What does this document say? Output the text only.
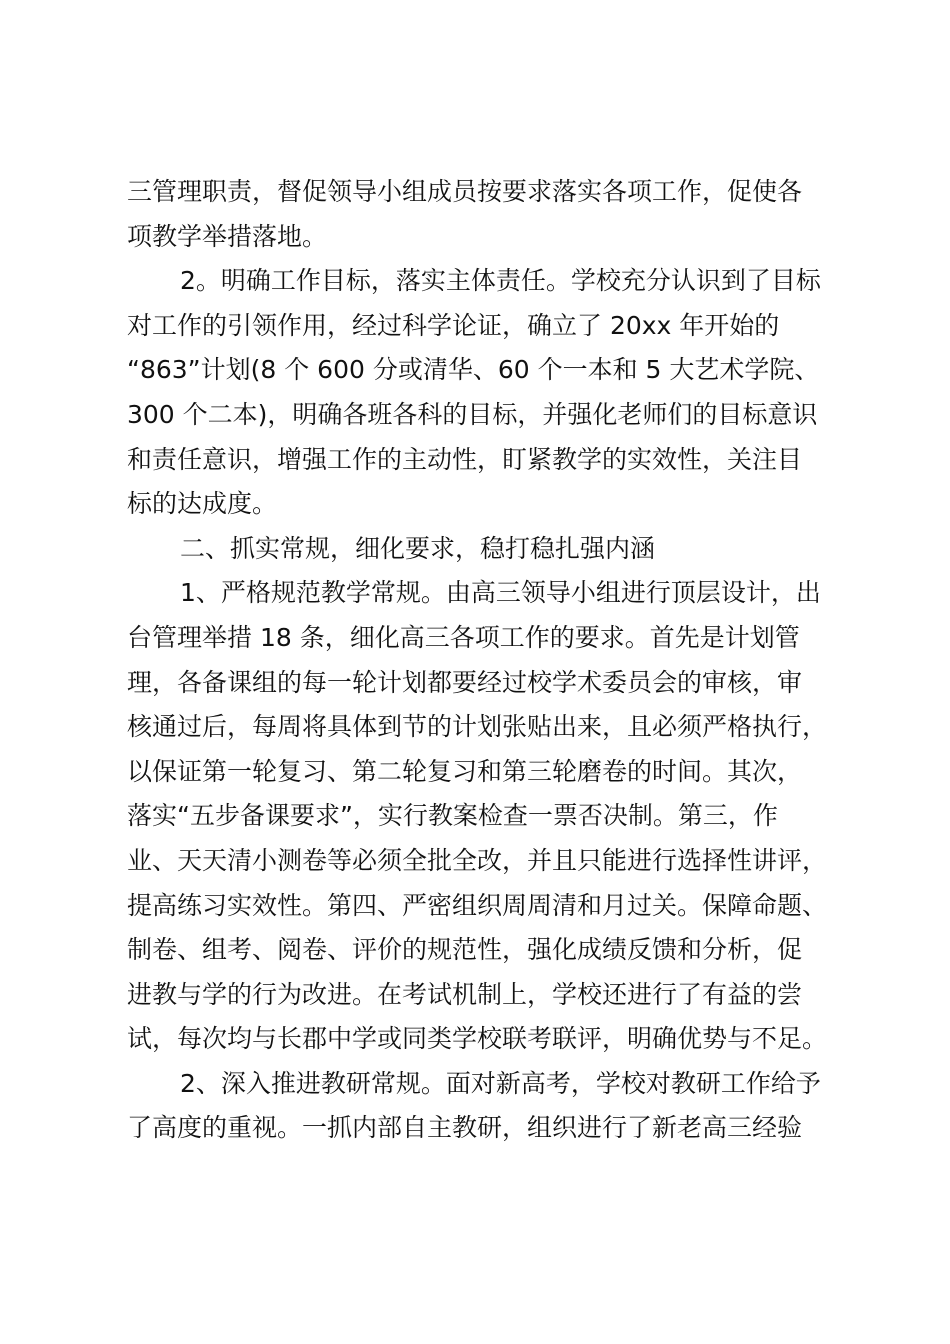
三管理职责，督促领导小组成员按要求落实各项工作，促使各
项教学举措落地。
2。明确工作目标，落实主体责任。学校充分认识到了目标
对工作的引领作用，经过科学论证，确立了 20xx 年开始的
“863”计划(8 个 600 分或清华、60 个一本和 5 大艺术学院、
300 个二本)，明确各班各科的目标，并强化老师们的目标意识
和责任意识，增强工作的主动性，盯紧教学的实效性，关注目
标的达成度。
二、抓实常规，细化要求，稳打稳扎强内涵
1、严格规范教学常规。由高三领导小组进行顶层设计，出
台管理举措 18 条，细化高三各项工作的要求。首先是计划管
理，各备课组的每一轮计划都要经过校学术委员会的审核，审
核通过后，每周将具体到节的计划张贴出来，且必须严格执行，
以保证第一轮复习、第二轮复习和第三轮磨卷的时间。其次，
落实“五步备课要求”，实行教案检查一票否决制。第三，作
业、天天清小测卷等必须全批全改，并且只能进行选择性讲评，
提高练习实效性。第四、严密组织周周清和月过关。保障命题、
制卷、组考、阅卷、评价的规范性，强化成绩反馈和分析，促
进教与学的行为改进。在考试机制上，学校还进行了有益的尝
试，每次均与长郡中学或同类学校联考联评，明确优势与不足。
2、深入推进教研常规。面对新高考，学校对教研工作给予
了高度的重视。一抓内部自主教研，组织进行了新老高三经验
